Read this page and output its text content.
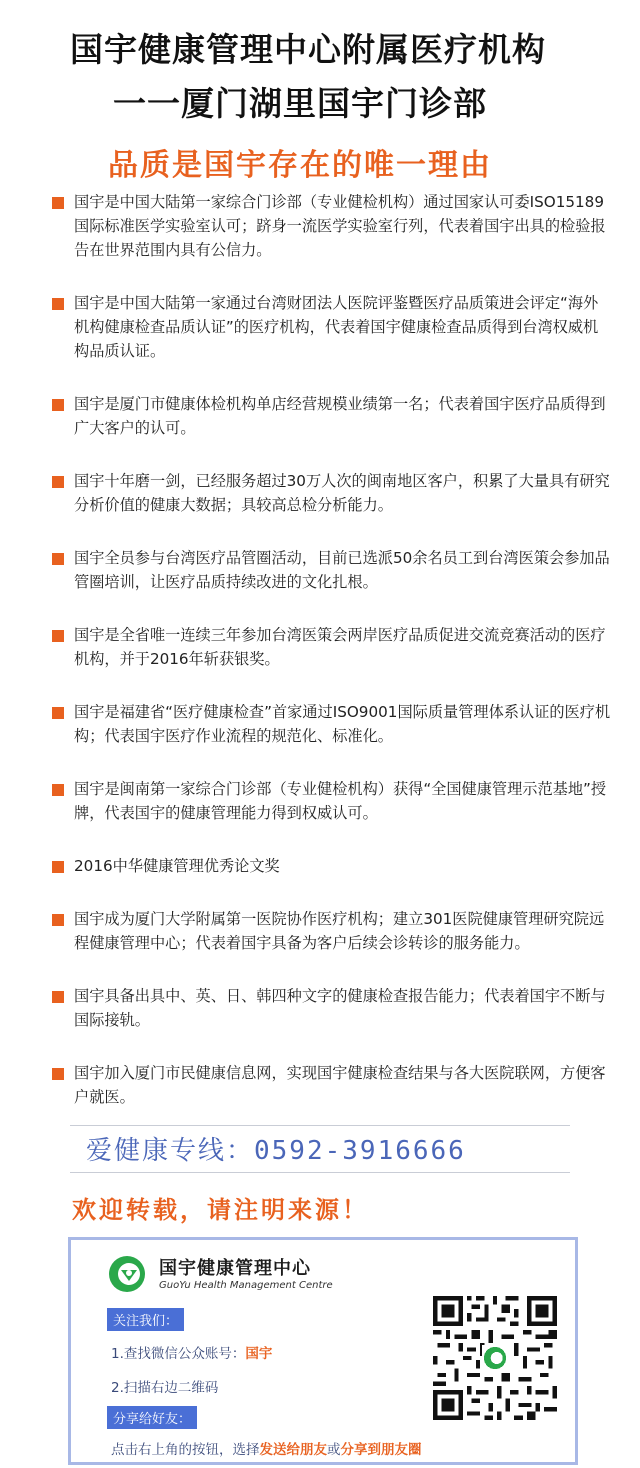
国宇健康管理中心附属医疗机构
一一厦门湖里国宇门诊部
品质是国宇存在的唯一理由
国宇是中国大陆第一家综合门诊部（专业健检机构）通过国家认可委ISO15189国际标准医学实验室认可；跻身一流医学实验室行列，代表着国宇出具的检验报告在世界范围内具有公信力。
国宇是中国大陆第一家通过台湾财团法人医院评鉴暨医疗品质策进会评定“海外机构健康检查品质认证”的医疗机构，代表着国宇健康检查品质得到台湾权威机构品质认证。
国宇是厦门市健康体检机构单店经营规模业绩第一名；代表着国宇医疗品质得到广大客户的认可。
国宇十年磨一剑，已经服务超过30万人次的闽南地区客户，积累了大量具有研究分析价值的健康大数据；具较高总检分析能力。
国宇全员参与台湾医疗品管圈活动，目前已选派50余名员工到台湾医策会参加品管圈培训，让医疗品质持续改进的文化扎根。
国宇是全省唯一连续三年参加台湾医策会两岸医疗品质促进交流竞赛活动的医疗机构，并于2016年斩获银奖。
国宇是福建省“医疗健康检查”首家通过ISO9001国际质量管理体系认证的医疗机构；代表国宇医疗作业流程的规范化、标准化。
国宇是闽南第一家综合门诊部（专业健检机构）获得“全国健康管理示范基地”授牌，代表国宇的健康管理能力得到权威认可。
2016中华健康管理优秀论文奖
国宇成为厦门大学附属第一医院协作医疗机构；建立301医院健康管理研究院远程健康管理中心；代表着国宇具备为客户后续会诊转诊的服务能力。
国宇具备出具中、英、日、韩四种文字的健康检查报告能力；代表着国宇不断与国际接轨。
国宇加入厦门市民健康信息网，实现国宇健康检查结果与各大医院联网，方便客户就医。
爱健康专线：0592-3916666
欢迎转载，请注明来源！
国宇健康管理中心
GuoYu Health Management Centre
关注我们：
1.查找微信公众账号：国宇
2.扫描右边二维码
分享给好友：
点击右上角的按钮，选择发送给朋友或分享到朋友圈
